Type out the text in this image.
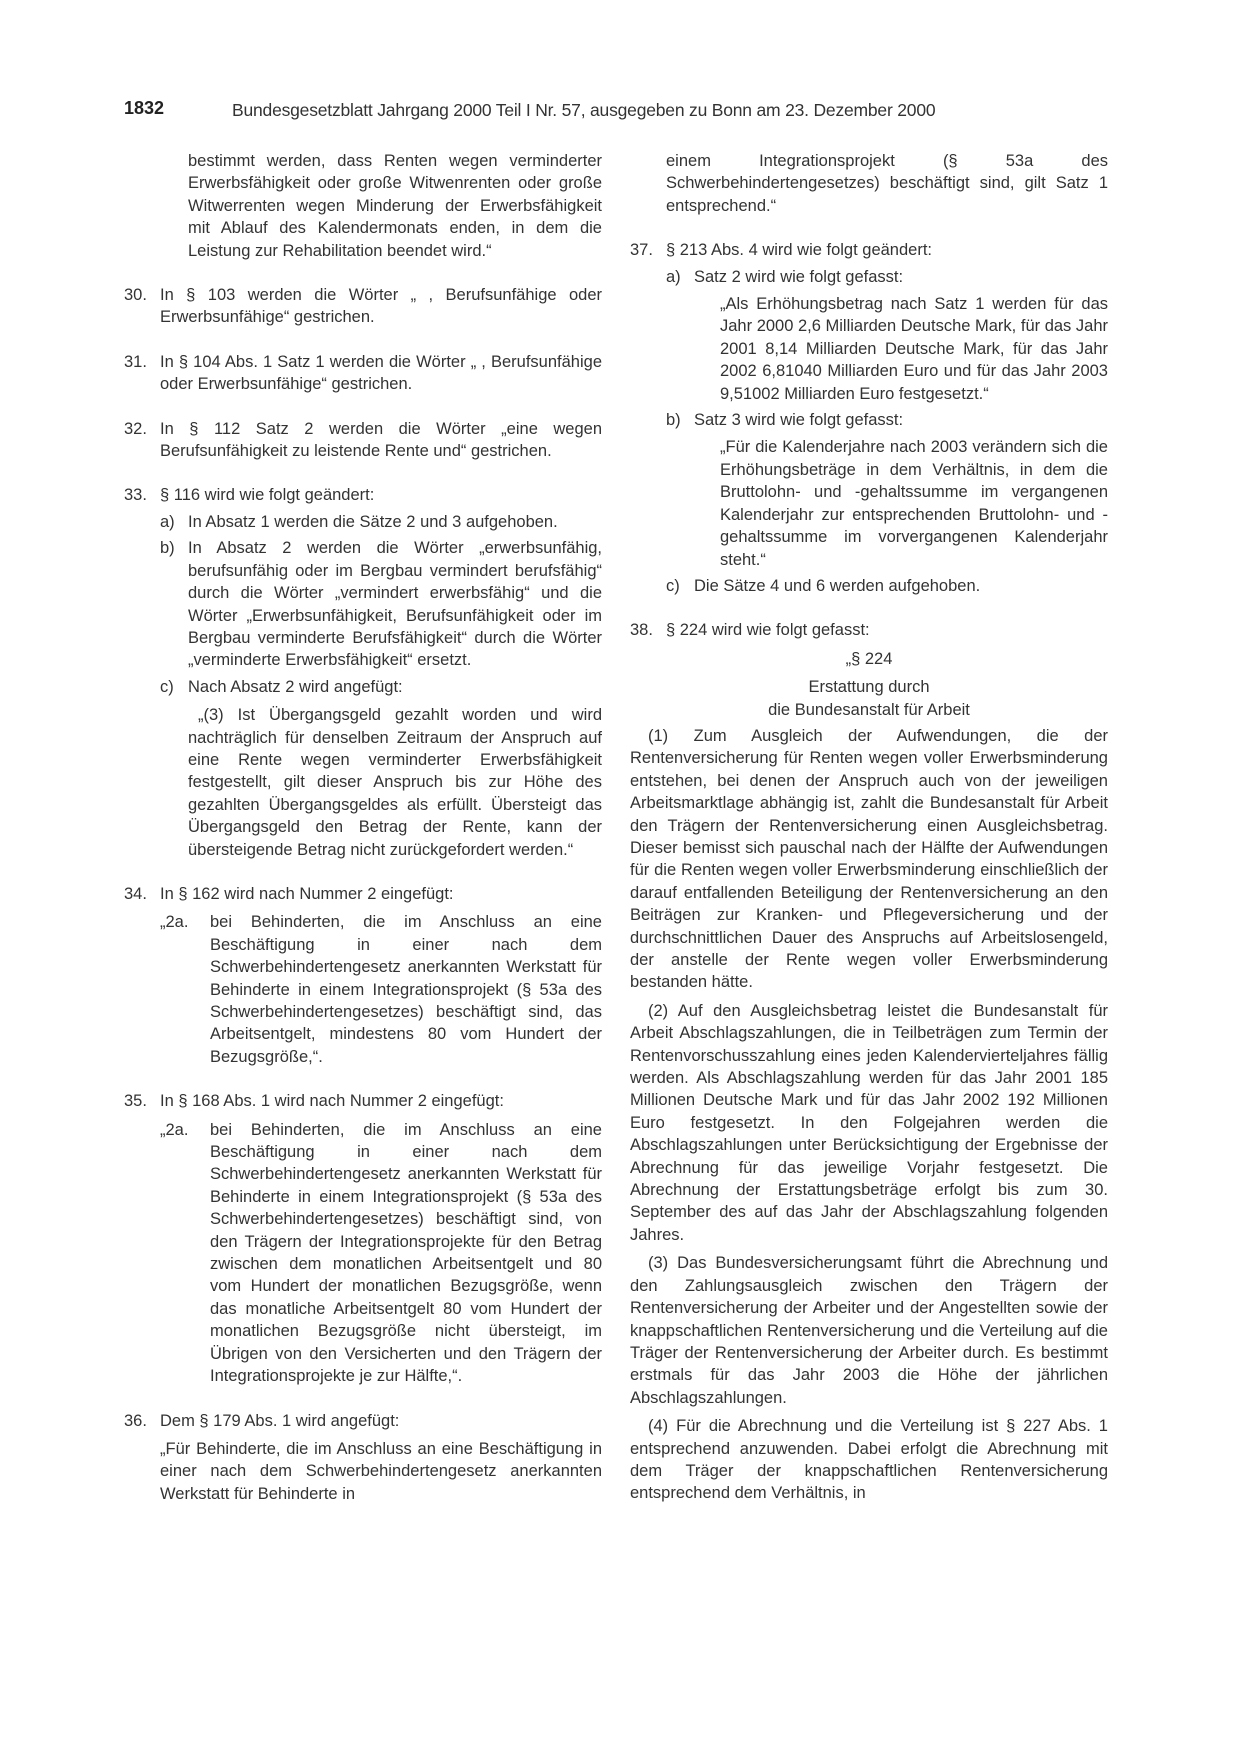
1832	Bundesgesetzblatt Jahrgang 2000 Teil I Nr. 57, ausgegeben zu Bonn am 23. Dezember 2000

bestimmt werden, dass Renten wegen verminderter Erwerbsfähigkeit oder große Witwenrenten oder große Witwerrenten wegen Minderung der Erwerbsfähigkeit mit Ablauf des Kalendermonats enden, in dem die Leistung zur Rehabilitation beendet wird.“

30. In § 103 werden die Wörter „ , Berufsunfähige oder Erwerbsunfähige“ gestrichen.

31. In § 104 Abs. 1 Satz 1 werden die Wörter „ , Berufsunfähige oder Erwerbsunfähige“ gestrichen.

32. In § 112 Satz 2 werden die Wörter „eine wegen Berufsunfähigkeit zu leistende Rente und“ gestrichen.

33. § 116 wird wie folgt geändert:

a) In Absatz 1 werden die Sätze 2 und 3 aufgehoben.

b) In Absatz 2 werden die Wörter „erwerbsunfähig, berufsunfähig oder im Bergbau vermindert berufsfähig“ durch die Wörter „vermindert erwerbsfähig“ und die Wörter „Erwerbsunfähigkeit, Berufsunfähigkeit oder im Bergbau verminderte Berufsfähigkeit“ durch die Wörter „verminderte Erwerbsfähigkeit“ ersetzt.

c) Nach Absatz 2 wird angefügt:

„(3) Ist Übergangsgeld gezahlt worden und wird nachträglich für denselben Zeitraum der Anspruch auf eine Rente wegen verminderter Erwerbsfähigkeit festgestellt, gilt dieser Anspruch bis zur Höhe des gezahlten Übergangsgeldes als erfüllt. Übersteigt das Übergangsgeld den Betrag der Rente, kann der übersteigende Betrag nicht zurückgefordert werden.“

34. In § 162 wird nach Nummer 2 eingefügt:

„2a. bei Behinderten, die im Anschluss an eine Beschäftigung in einer nach dem Schwerbehindertengesetz anerkannten Werkstatt für Behinderte in einem Integrationsprojekt (§ 53a des Schwerbehindertengesetzes) beschäftigt sind, das Arbeitsentgelt, mindestens 80 vom Hundert der Bezugsgröße,“.

35. In § 168 Abs. 1 wird nach Nummer 2 eingefügt:

„2a. bei Behinderten, die im Anschluss an eine Beschäftigung in einer nach dem Schwerbehindertengesetz anerkannten Werkstatt für Behinderte in einem Integrationsprojekt (§ 53a des Schwerbehindertengesetzes) beschäftigt sind, von den Trägern der Integrationsprojekte für den Betrag zwischen dem monatlichen Arbeitsentgelt und 80 vom Hundert der monatlichen Bezugsgröße, wenn das monatliche Arbeitsentgelt 80 vom Hundert der monatlichen Bezugsgröße nicht übersteigt, im Übrigen von den Versicherten und den Trägern der Integrationsprojekte je zur Hälfte,“.

36. Dem § 179 Abs. 1 wird angefügt:

„Für Behinderte, die im Anschluss an eine Beschäftigung in einer nach dem Schwerbehindertengesetz anerkannten Werkstatt für Behinderte in

einem Integrationsprojekt (§ 53a des Schwerbehindertengesetzes) beschäftigt sind, gilt Satz 1 entsprechend.“

37. § 213 Abs. 4 wird wie folgt geändert:

a) Satz 2 wird wie folgt gefasst:

„Als Erhöhungsbetrag nach Satz 1 werden für das Jahr 2000 2,6 Milliarden Deutsche Mark, für das Jahr 2001 8,14 Milliarden Deutsche Mark, für das Jahr 2002 6,81040 Milliarden Euro und für das Jahr 2003 9,51002 Milliarden Euro festgesetzt.“

b) Satz 3 wird wie folgt gefasst:

„Für die Kalenderjahre nach 2003 verändern sich die Erhöhungsbeträge in dem Verhältnis, in dem die Bruttolohn- und -gehaltssumme im vergangenen Kalenderjahr zur entsprechenden Bruttolohn- und -gehaltssumme im vorvergangenen Kalenderjahr steht.“

c) Die Sätze 4 und 6 werden aufgehoben.

38. § 224 wird wie folgt gefasst:

„§ 224

Erstattung durch

die Bundesanstalt für Arbeit

(1) Zum Ausgleich der Aufwendungen, die der Rentenversicherung für Renten wegen voller Erwerbsminderung entstehen, bei denen der Anspruch auch von der jeweiligen Arbeitsmarktlage abhängig ist, zahlt die Bundesanstalt für Arbeit den Trägern der Rentenversicherung einen Ausgleichsbetrag. Dieser bemisst sich pauschal nach der Hälfte der Aufwendungen für die Renten wegen voller Erwerbsminderung einschließlich der darauf entfallenden Beteiligung der Rentenversicherung an den Beiträgen zur Kranken- und Pflegeversicherung und der durchschnittlichen Dauer des Anspruchs auf Arbeitslosengeld, der anstelle der Rente wegen voller Erwerbsminderung bestanden hätte.

(2) Auf den Ausgleichsbetrag leistet die Bundesanstalt für Arbeit Abschlagszahlungen, die in Teilbeträgen zum Termin der Rentenvorschusszahlung eines jeden Kalendervierteljahres fällig werden. Als Abschlagszahlung werden für das Jahr 2001 185 Millionen Deutsche Mark und für das Jahr 2002 192 Millionen Euro festgesetzt. In den Folgejahren werden die Abschlagszahlungen unter Berücksichtigung der Ergebnisse der Abrechnung für das jeweilige Vorjahr festgesetzt. Die Abrechnung der Erstattungsbeträge erfolgt bis zum 30. September des auf das Jahr der Abschlagszahlung folgenden Jahres.

(3) Das Bundesversicherungsamt führt die Abrechnung und den Zahlungsausgleich zwischen den Trägern der Rentenversicherung der Arbeiter und der Angestellten sowie der knappschaftlichen Rentenversicherung und die Verteilung auf die Träger der Rentenversicherung der Arbeiter durch. Es bestimmt erstmals für das Jahr 2003 die Höhe der jährlichen Abschlagszahlungen.

(4) Für die Abrechnung und die Verteilung ist § 227 Abs. 1 entsprechend anzuwenden. Dabei erfolgt die Abrechnung mit dem Träger der knappschaftlichen Rentenversicherung entsprechend dem Verhältnis, in
